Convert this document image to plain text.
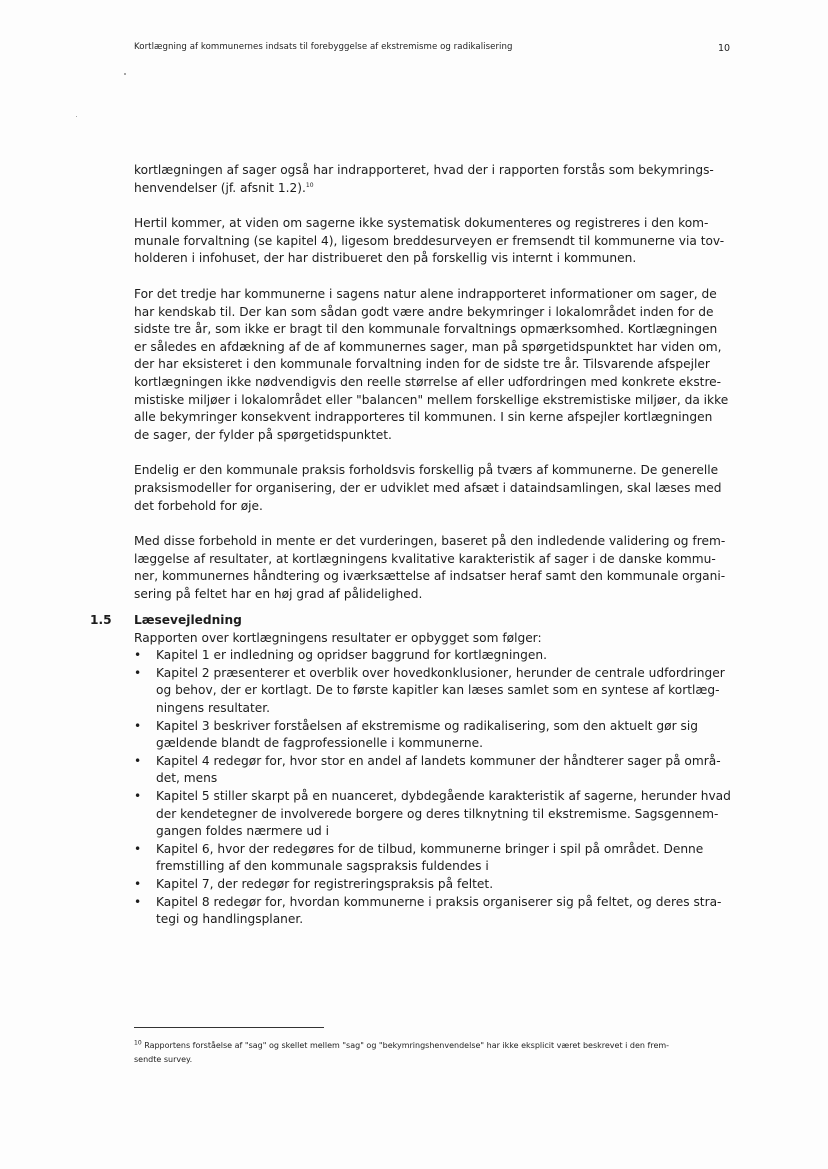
Kortlægning af kommunernes indsats til forebyggelse af ekstremisme og radikalisering	10

kortlægningen af sager også har indrapporteret, hvad der i rapporten forstås som bekymrings-
henvendelser (jf. afsnit 1.2).$^{10}$

Hertil kommer, at viden om sagerne ikke systematisk dokumenteres og registreres i den kom-
munale forvaltning (se kapitel 4), ligesom breddesurveyen er fremsendt til kommunerne via tov-
holderen i infohuset, der har distribueret den på forskellig vis internt i kommunen.

For det tredje har kommunerne i sagens natur alene indrapporteret informationer om sager, de
har kendskab til. Der kan som sådan godt være andre bekymringer i lokalområdet inden for de
sidste tre år, som ikke er bragt til den kommunale forvaltnings opmærksomhed. Kortlægningen
er således en afdækning af de af kommunernes sager, man på spørgetidspunktet har viden om,
der har eksisteret i den kommunale forvaltning inden for de sidste tre år. Tilsvarende afspejler
kortlægningen ikke nødvendigvis den reelle størrelse af eller udfordringen med konkrete ekstre-
mistiske miljøer i lokalområdet eller "balancen" mellem forskellige ekstremistiske miljøer, da ikke
alle bekymringer konsekvent indrapporteres til kommunen. I sin kerne afspejler kortlægningen
de sager, der fylder på spørgetidspunktet.

Endelig er den kommunale praksis forholdsvis forskellig på tværs af kommunerne. De generelle
praksismodeller for organisering, der er udviklet med afsæt i dataindsamlingen, skal læses med
det forbehold for øje.

Med disse forbehold in mente er det vurderingen, baseret på den indledende validering og frem-
læggelse af resultater, at kortlægningens kvalitative karakteristik af sager i de danske kommu-
ner, kommunernes håndtering og iværksættelse af indsatser heraf samt den kommunale organi-
sering på feltet har en høj grad af pålidelighed.

1.5	Læsevejledning
Rapporten over kortlægningens resultater er opbygget som følger:
• Kapitel 1 er indledning og opridser baggrund for kortlægningen.
• Kapitel 2 præsenterer et overblik over hovedkonklusioner, herunder de centrale udfordringer
og behov, der er kortlagt. De to første kapitler kan læses samlet som en syntese af kortlæg-
ningens resultater.
• Kapitel 3 beskriver forståelsen af ekstremisme og radikalisering, som den aktuelt gør sig
gældende blandt de fagprofessionelle i kommunerne.
• Kapitel 4 redegør for, hvor stor en andel af landets kommuner der håndterer sager på områ-
det, mens
• Kapitel 5 stiller skarpt på en nuanceret, dybdegående karakteristik af sagerne, herunder hvad
der kendetegner de involverede borgere og deres tilknytning til ekstremisme. Sagsgennem-
gangen foldes nærmere ud i
• Kapitel 6, hvor der redegøres for de tilbud, kommunerne bringer i spil på området. Denne
fremstilling af den kommunale sagspraksis fuldendes i
• Kapitel 7, der redegør for registreringspraksis på feltet.
• Kapitel 8 redegør for, hvordan kommunerne i praksis organiserer sig på feltet, og deres stra-
tegi og handlingsplaner.
$^{10}$ Rapportens forståelse af "sag" og skellet mellem "sag" og "bekymringshenvendelse" har ikke eksplicit været beskrevet i den frem-
sendte survey.
